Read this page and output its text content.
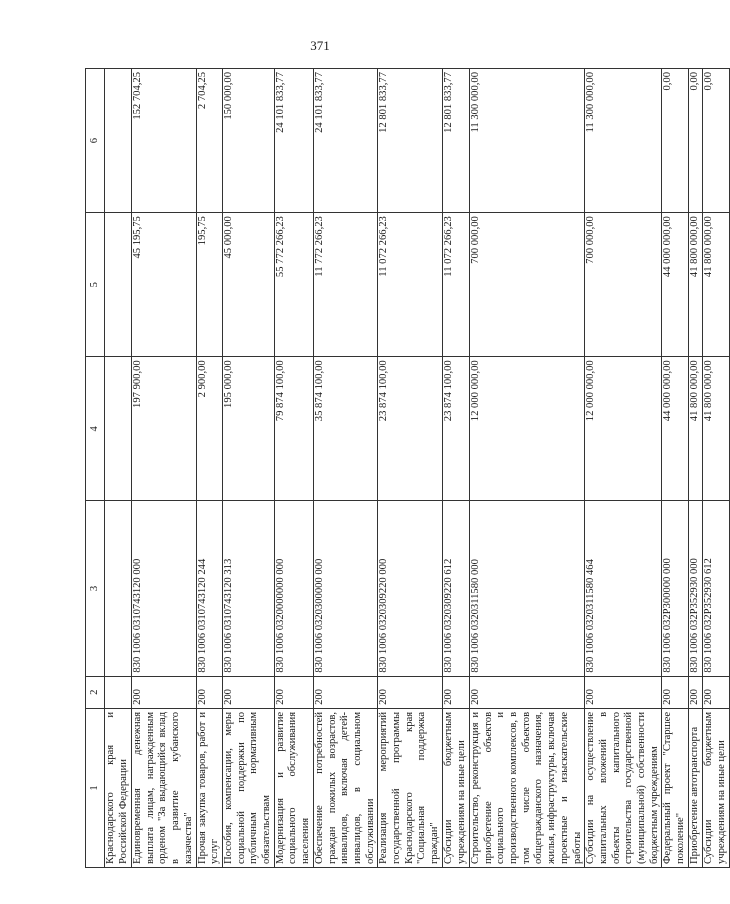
371
1	2	3	4	5	6
Краснодарского края и Российской Федерации					
Единовременная денежная выплата лицам, награжденным орденом "За выдающийся вклад в развитие кубанского казачества"	200	830 1006 0310743120 000	197 900,00	45 195,75	152 704,25
Прочая закупка товаров, работ и услуг	200	830 1006 0310743120 244	2 900,00	195,75	2 704,25
Пособия, компенсации, меры социальной поддержки по публичным нормативным обязательствам	200	830 1006 0310743120 313	195 000,00	45 000,00	150 000,00
Модернизация и развитие социального обслуживания населения	200	830 1006 0320000000 000	79 874 100,00	55 772 266,23	24 101 833,77
Обеспечение потребностей граждан пожилых возрастов, инвалидов, включая детей-инвалидов, в социальном обслуживании	200	830 1006 0320300000 000	35 874 100,00	11 772 266,23	24 101 833,77
Реализация мероприятий государственной программы Краснодарского края "Социальная поддержка граждан"	200	830 1006 0320309220 000	23 874 100,00	11 072 266,23	12 801 833,77
Субсидии бюджетным учреждениям на иные цели	200	830 1006 0320309220 612	23 874 100,00	11 072 266,23	12 801 833,77
Строительство, реконструкция и приобретение объектов социального и производственного комплексов, в том числе объектов общегражданского назначения, жилья, инфраструктуры, включая проектные и изыскательские работы	200	830 1006 0320311580 000	12 000 000,00	700 000,00	11 300 000,00
Субсидии на осуществление капитальных вложений в объекты капитального строительства государственной (муниципальной) собственности бюджетным учреждениям	200	830 1006 0320311580 464	12 000 000,00	700 000,00	11 300 000,00
Федеральный проект "Старшее поколение"	200	830 1006 032P300000 000	44 000 000,00	44 000 000,00	0,00
Приобретение автотранспорта	200	830 1006 032P352930 000	41 800 000,00	41 800 000,00	0,00
Субсидии бюджетным учреждениям на иные цели	200	830 1006 032P352930 612	41 800 000,00	41 800 000,00	0,00
